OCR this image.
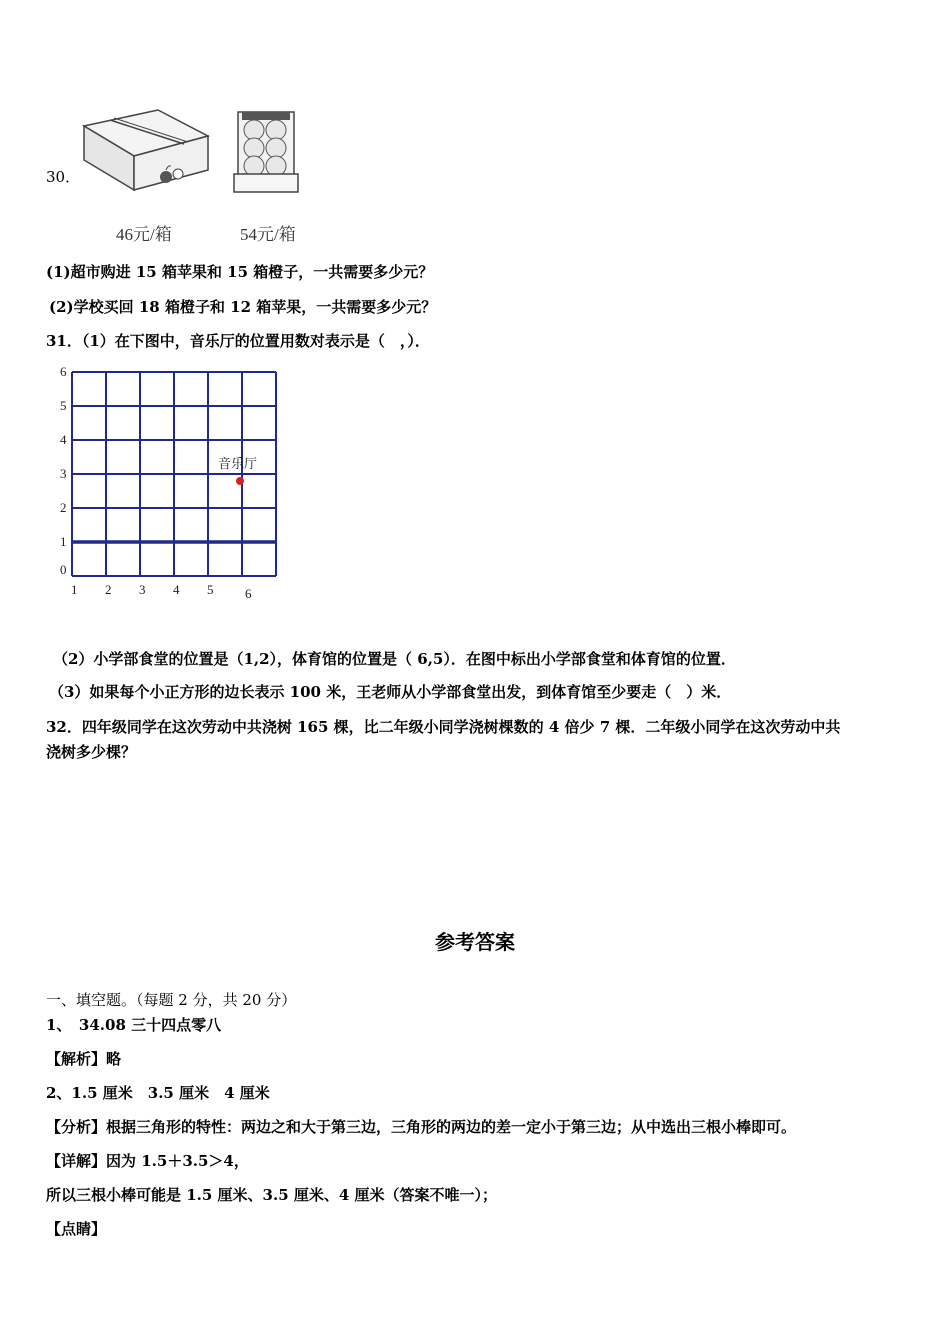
30．
46元/箱	54元/箱
(1)超市购进 15 箱苹果和 15 箱橙子，一共需要多少元？
(2)学校买回 18 箱橙子和 12 箱苹果，一共需要多少元？
31．（1）在下图中，音乐厅的位置用数对表示是（　，）．
6
5
4
3
2
1
0
1 2 3 4 5 6
音乐厅
（2）小学部食堂的位置是（1,2），体育馆的位置是（ 6,5）．在图中标出小学部食堂和体育馆的位置．
（3）如果每个小正方形的边长表示 100 米，王老师从小学部食堂出发，到体育馆至少要走（　）米．
32．四年级同学在这次劳动中共浇树 165 棵，比二年级小同学浇树棵数的 4 倍少 7 棵．二年级小同学在这次劳动中共
浇树多少棵？
参考答案
一、填空题。（每题 2 分，共 20 分）
1、　34.08 三十四点零八
【解析】略
2、1.5 厘米　3.5 厘米　4 厘米
【分析】根据三角形的特性：两边之和大于第三边，三角形的两边的差一定小于第三边；从中选出三根小棒即可。
【详解】因为 1.5＋3.5＞4，
所以三根小棒可能是 1.5 厘米、3.5 厘米、4 厘米（答案不唯一）；
【点睛】
